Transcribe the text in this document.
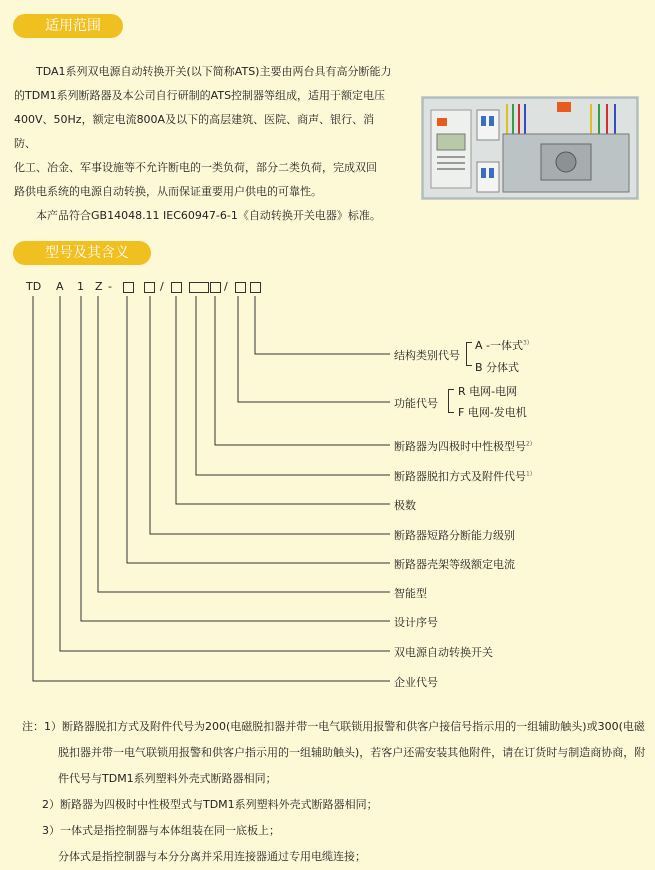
适用范围

TDA1系列双电源自动转换开关(以下简称ATS)主要由两台具有高分断能力

的TDM1系列断路器及本公司自行研制的ATS控制器等组成，适用于额定电压
400V、50Hz，额定电流800A及以下的高层建筑、医院、商声、银行、消防、
化工、冶金、军事设施等不允许断电的一类负荷，部分二类负荷，完成双回
路供电系统的电源自动转换，从而保证重要用户供电的可靠性。

本产品符合GB14048.11 IEC60947-6-1《自动转换开关电器》标准。

型号及其含义
TD A 1 Z -	/	/
结构类别代号
A -一体式$^{3)}$
B 分体式
功能代号
R 电网-电网
F 电网-发电机
断路器为四极时中性极型号$^{2)}$
断路器脱扣方式及附件代号$^{1)}$
极数
断路器短路分断能力级别
断路器壳架等级额定电流
智能型
设计序号
双电源自动转换开关
企业代号
注：1）断路器脱扣方式及附件代号为200(电磁脱扣器并带一电气联锁用报警和供客户接信号指示用的一组辅助触头)或300(电磁
脱扣器并带一电气联锁用报警和供客户指示用的一组辅助触头)，若客户还需安装其他附件，请在订货时与制造商协商，附
件代号与TDM1系列塑料外壳式断路器相同；
2）断路器为四极时中性极型式与TDM1系列塑料外壳式断路器相同；
3）一体式是指控制器与本体组装在同一底板上；
分体式是指控制器与本分分离并采用连接器通过专用电缆连接；
